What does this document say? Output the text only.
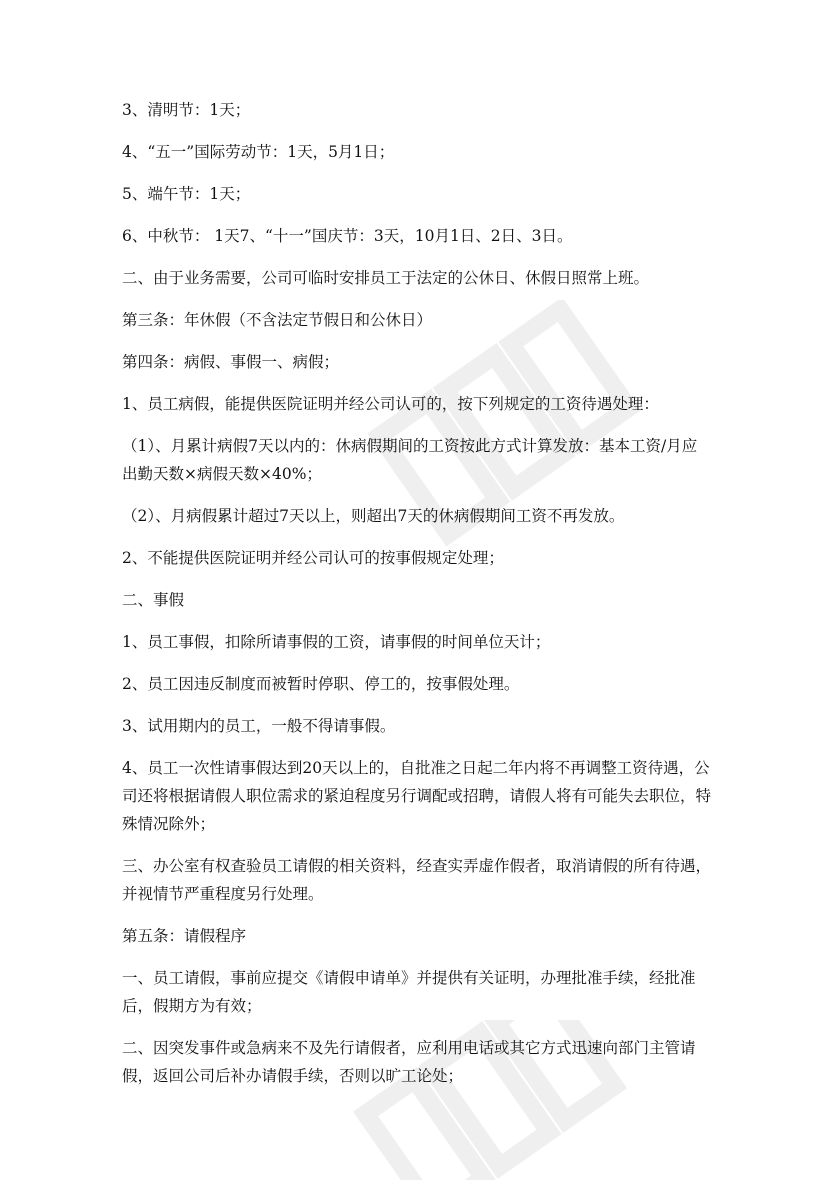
3、清明节：1天；

4、“五一”国际劳动节：1天，5月1日；

5、端午节：1天；

6、中秋节： 1天7、“十一”国庆节：3天，10月1日、2日、3日。

二、由于业务需要，公司可临时安排员工于法定的公休日、休假日照常上班。

第三条：年休假（不含法定节假日和公休日）

第四条：病假、事假一、病假；

1、员工病假，能提供医院证明并经公司认可的，按下列规定的工资待遇处理：

（1）、月累计病假7天以内的：休病假期间的工资按此方式计算发放：基本工资/月应出勤天数×病假天数×40%；

（2）、月病假累计超过7天以上，则超出7天的休病假期间工资不再发放。

2、不能提供医院证明并经公司认可的按事假规定处理；

二、事假

1、员工事假，扣除所请事假的工资，请事假的时间单位天计；

2、员工因违反制度而被暂时停职、停工的，按事假处理。

3、试用期内的员工，一般不得请事假。

4、员工一次性请事假达到20天以上的，自批准之日起二年内将不再调整工资待遇，公司还将根据请假人职位需求的紧迫程度另行调配或招聘，请假人将有可能失去职位，特殊情况除外；

三、办公室有权查验员工请假的相关资料，经查实弄虚作假者，取消请假的所有待遇，并视情节严重程度另行处理。

第五条：请假程序

一、员工请假，事前应提交《请假申请单》并提供有关证明，办理批准手续，经批准后，假期方为有效；

二、因突发事件或急病来不及先行请假者，应利用电话或其它方式迅速向部门主管请假，返回公司后补办请假手续，否则以旷工论处；
